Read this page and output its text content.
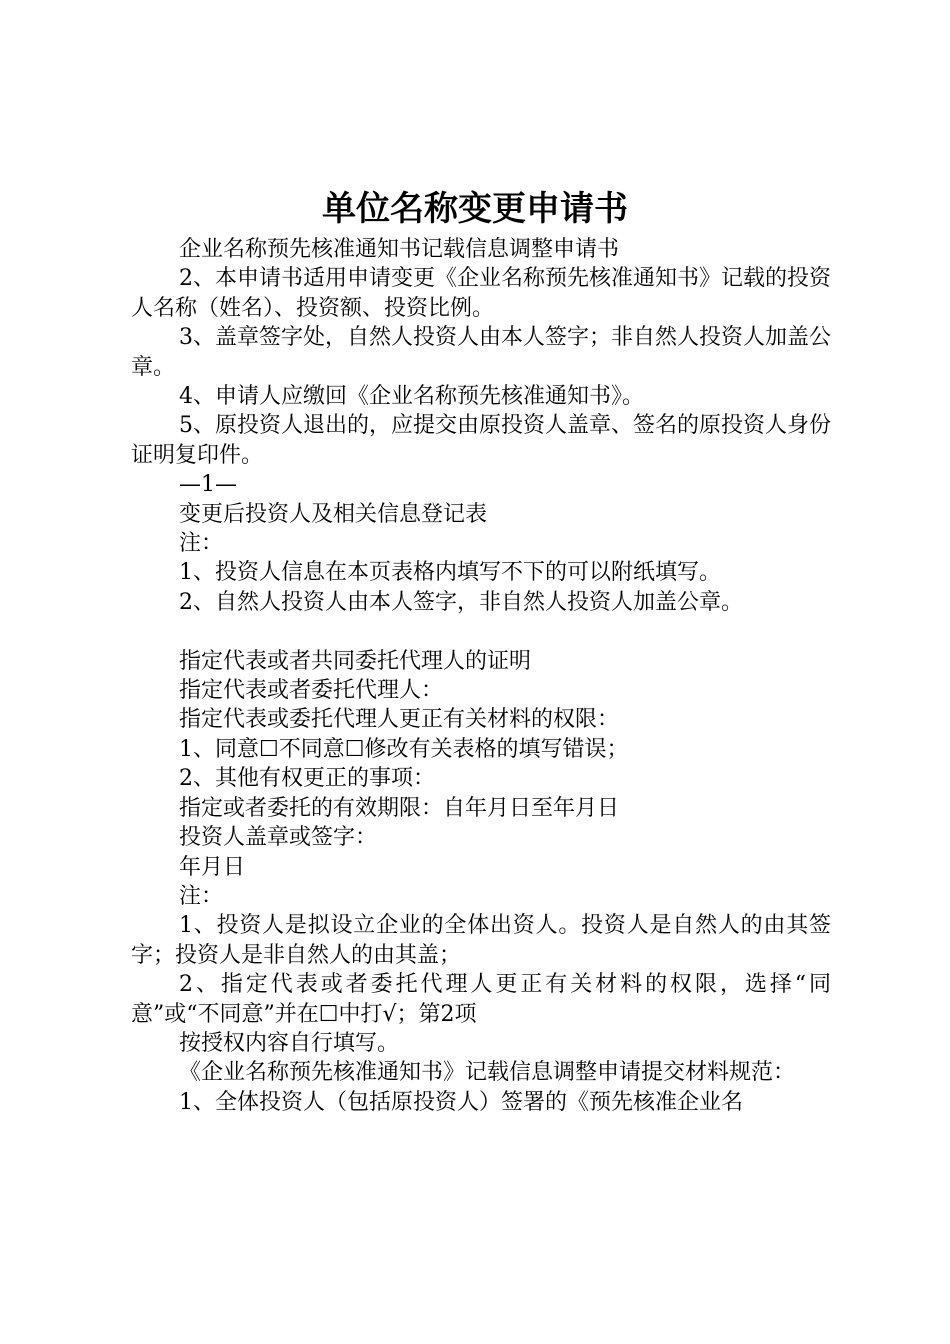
单位名称变更申请书

企业名称预先核准通知书记载信息调整申请书

2、本申请书适用申请变更《企业名称预先核准通知书》记载的投资人名称（姓名）、投资额、投资比例。

3、盖章签字处，自然人投资人由本人签字；非自然人投资人加盖公章。

4、申请人应缴回《企业名称预先核准通知书》。

5、原投资人退出的，应提交由原投资人盖章、签名的原投资人身份证明复印件。

—1—

变更后投资人及相关信息登记表

注：

1、投资人信息在本页表格内填写不下的可以附纸填写。

2、自然人投资人由本人签字，非自然人投资人加盖公章。

指定代表或者共同委托代理人的证明

指定代表或者委托代理人：

指定代表或委托代理人更正有关材料的权限：

1、同意☐不同意☐修改有关表格的填写错误；

2、其他有权更正的事项：

指定或者委托的有效期限：自年月日至年月日

投资人盖章或签字：

年月日

注：

1、投资人是拟设立企业的全体出资人。投资人是自然人的由其签字；投资人是非自然人的由其盖；

2、指定代表或者委托代理人更正有关材料的权限，选择“同意”或“不同意”并在☐中打√；第2项

按授权内容自行填写。

《企业名称预先核准通知书》记载信息调整申请提交材料规范：

1、全体投资人（包括原投资人）签署的《预先核准企业名
